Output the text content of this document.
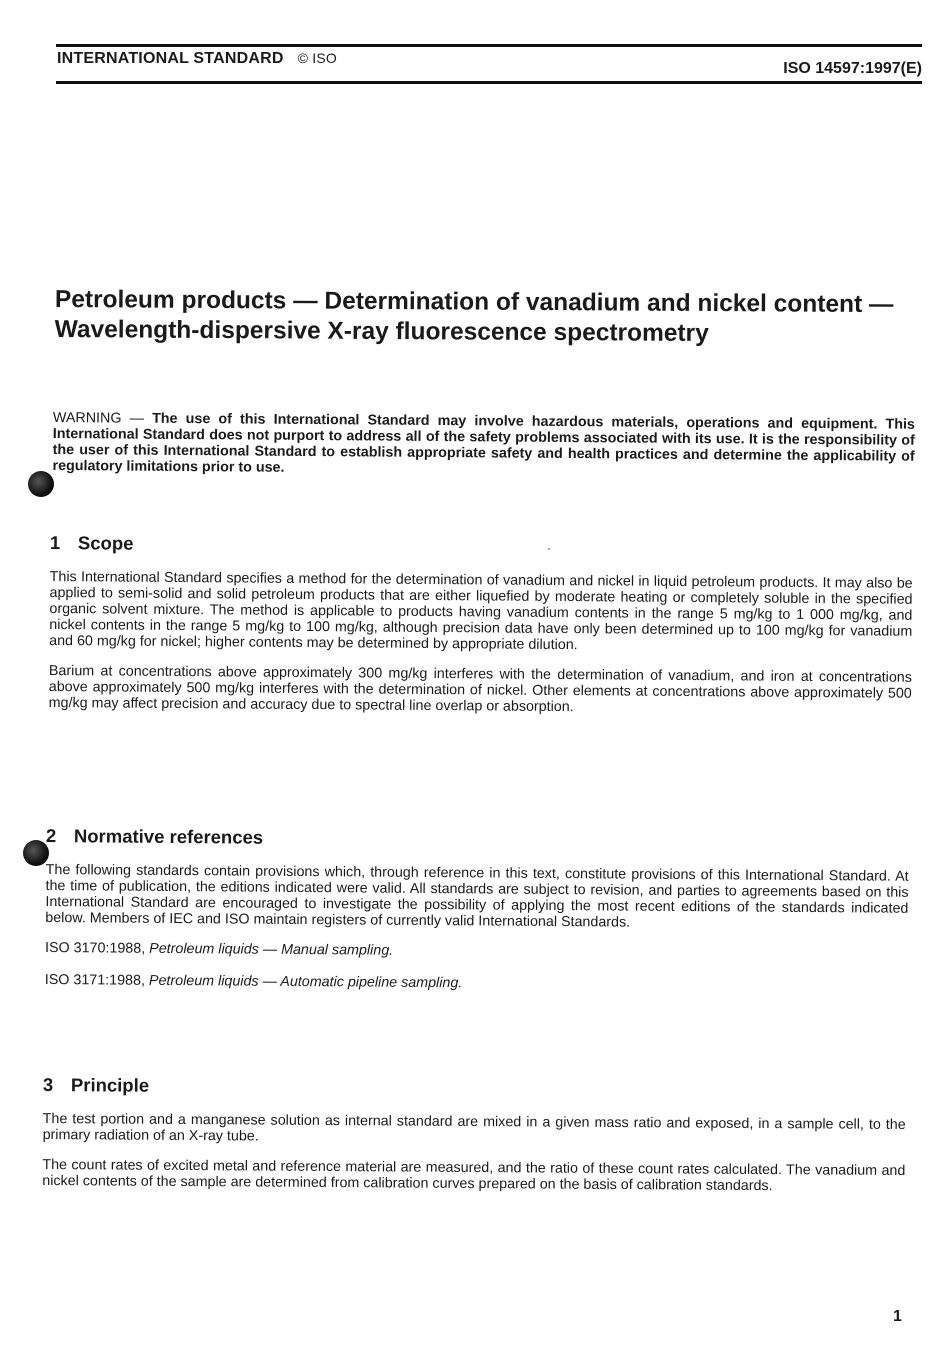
INTERNATIONAL STANDARD © ISO
ISO 14597:1997(E)
Petroleum products — Determination of vanadium and nickel content — Wavelength-dispersive X-ray fluorescence spectrometry
WARNING — The use of this International Standard may involve hazardous materials, operations and equipment. This International Standard does not purport to address all of the safety problems associated with its use. It is the responsibility of the user of this International Standard to establish appropriate safety and health practices and determine the applicability of regulatory limitations prior to use.
1 Scope

This International Standard specifies a method for the determination of vanadium and nickel in liquid petroleum products. It may also be applied to semi-solid and solid petroleum products that are either liquefied by moderate heating or completely soluble in the specified organic solvent mixture. The method is applicable to products having vanadium contents in the range 5 mg/kg to 1 000 mg/kg, and nickel contents in the range 5 mg/kg to 100 mg/kg, although precision data have only been determined up to 100 mg/kg for vanadium and 60 mg/kg for nickel; higher contents may be determined by appropriate dilution.

Barium at concentrations above approximately 300 mg/kg interferes with the determination of vanadium, and iron at concentrations above approximately 500 mg/kg interferes with the determination of nickel. Other elements at concentrations above approximately 500 mg/kg may affect precision and accuracy due to spectral line overlap or absorption.

2 Normative references

The following standards contain provisions which, through reference in this text, constitute provisions of this International Standard. At the time of publication, the editions indicated were valid. All standards are subject to revision, and parties to agreements based on this International Standard are encouraged to investigate the possibility of applying the most recent editions of the standards indicated below. Members of IEC and ISO maintain registers of currently valid International Standards.

ISO 3170:1988, Petroleum liquids — Manual sampling.
ISO 3171:1988, Petroleum liquids — Automatic pipeline sampling.
3 Principle

The test portion and a manganese solution as internal standard are mixed in a given mass ratio and exposed, in a sample cell, to the primary radiation of an X-ray tube.

The count rates of excited metal and reference material are measured, and the ratio of these count rates calculated. The vanadium and nickel contents of the sample are determined from calibration curves prepared on the basis of calibration standards.

1
